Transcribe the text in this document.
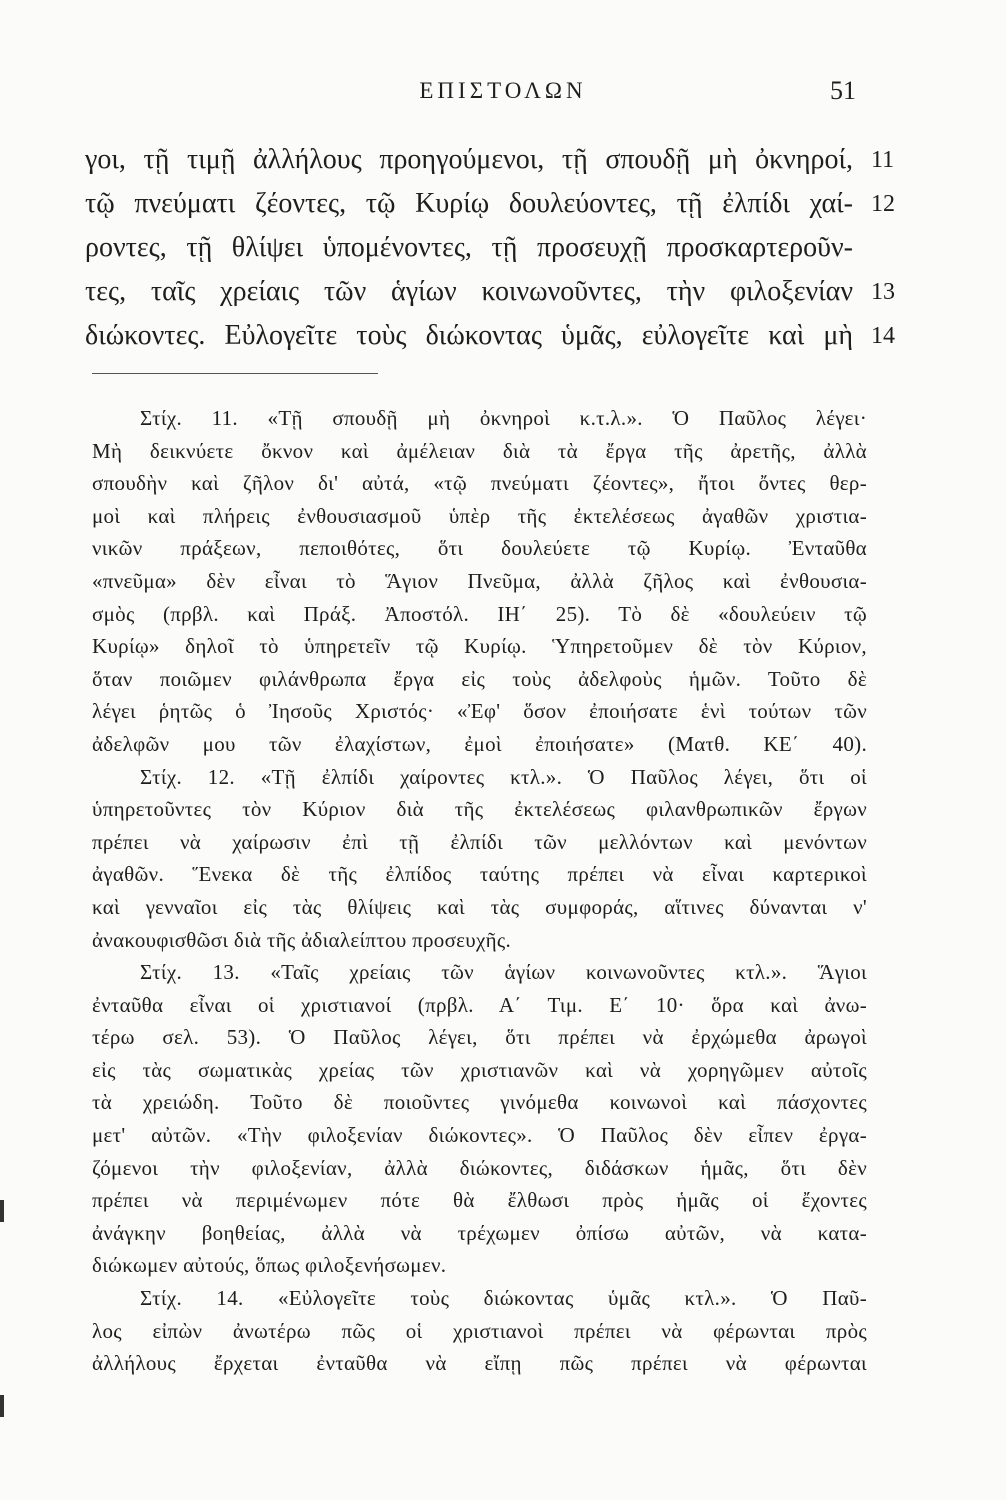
ΕΠΙΣΤΟΛΩΝ	51
γοι, τῇ τιμῇ ἀλλήλους προηγούμενοι, τῇ σπουδῇ μὴ ὀκνηροί, 11
τῷ πνεύματι ζέοντες, τῷ Κυρίῳ δουλεύοντες, τῇ ἐλπίδι χαί- 12
ροντες, τῇ θλίψει ὑπομένοντες, τῇ προσευχῇ προσκαρτεροῦν-
τες, ταῖς χρείαις τῶν ἁγίων κοινωνοῦντες, τὴν φιλοξενίαν 13
διώκοντες. Εὐλογεῖτε τοὺς διώκοντας ὑμᾶς, εὐλογεῖτε καὶ μὴ 14
Στίχ. 11. «Τῇ σπουδῇ μὴ ὀκνηροὶ κ.τ.λ.». Ὁ Παῦλος λέγει·
Μὴ δεικνύετε ὄκνον καὶ ἀμέλειαν διὰ τὰ ἔργα τῆς ἀρετῆς, ἀλλὰ
σπουδὴν καὶ ζῆλον δι' αὐτά, «τῷ πνεύματι ζέοντες», ἤτοι ὄντες θερ-
μοὶ καὶ πλήρεις ἐνθουσιασμοῦ ὑπὲρ τῆς ἐκτελέσεως ἀγαθῶν χριστια-
νικῶν πράξεων, πεποιθότες, ὅτι δουλεύετε τῷ Κυρίῳ. Ἐνταῦθα
«πνεῦμα» δὲν εἶναι τὸ Ἅγιον Πνεῦμα, ἀλλὰ ζῆλος καὶ ἐνθουσια-
σμὸς (πρβλ. καὶ Πράξ. Ἀποστόλ. ΙΗ΄ 25). Τὸ δὲ «δουλεύειν τῷ
Κυρίῳ» δηλοῖ τὸ ὑπηρετεῖν τῷ Κυρίῳ. Ὑπηρετοῦμεν δὲ τὸν Κύριον,
ὅταν ποιῶμεν φιλάνθρωπα ἔργα εἰς τοὺς ἀδελφοὺς ἡμῶν. Τοῦτο δὲ
λέγει ῥητῶς ὁ Ἰησοῦς Χριστός· «Ἐφ' ὅσον ἐποιήσατε ἑνὶ τούτων τῶν
ἀδελφῶν μου τῶν ἐλαχίστων, ἐμοὶ ἐποιήσατε» (Ματθ. ΚΕ΄ 40).
Στίχ. 12. «Τῇ ἐλπίδι χαίροντες κτλ.». Ὁ Παῦλος λέγει, ὅτι οἱ
ὑπηρετοῦντες τὸν Κύριον διὰ τῆς ἐκτελέσεως φιλανθρωπικῶν ἔργων
πρέπει νὰ χαίρωσιν ἐπὶ τῇ ἐλπίδι τῶν μελλόντων καὶ μενόντων
ἀγαθῶν. Ἕνεκα δὲ τῆς ἐλπίδος ταύτης πρέπει νὰ εἶναι καρτερικοὶ
καὶ γενναῖοι εἰς τὰς θλίψεις καὶ τὰς συμφοράς, αἵτινες δύνανται ν'
ἀνακουφισθῶσι διὰ τῆς ἀδιαλείπτου προσευχῆς.
Στίχ. 13. «Ταῖς χρείαις τῶν ἁγίων κοινωνοῦντες κτλ.». Ἅγιοι
ἐνταῦθα εἶναι οἱ χριστιανοί (πρβλ. Α΄ Τιμ. Ε΄ 10· ὅρα καὶ ἀνω-
τέρω σελ. 53). Ὁ Παῦλος λέγει, ὅτι πρέπει νὰ ἐρχώμεθα ἀρωγοὶ
εἰς τὰς σωματικὰς χρείας τῶν χριστιανῶν καὶ νὰ χορηγῶμεν αὐτοῖς
τὰ χρειώδη. Τοῦτο δὲ ποιοῦντες γινόμεθα κοινωνοὶ καὶ πάσχοντες
μετ' αὐτῶν. «Τὴν φιλοξενίαν διώκοντες». Ὁ Παῦλος δὲν εἶπεν ἐργα-
ζόμενοι τὴν φιλοξενίαν, ἀλλὰ διώκοντες, διδάσκων ἡμᾶς, ὅτι δὲν
πρέπει νὰ περιμένωμεν πότε θὰ ἔλθωσι πρὸς ἡμᾶς οἱ ἔχοντες
ἀνάγκην βοηθείας, ἀλλὰ νὰ τρέχωμεν ὀπίσω αὐτῶν, νὰ κατα-
διώκωμεν αὐτούς, ὅπως φιλοξενήσωμεν.
Στίχ. 14. «Εὐλογεῖτε τοὺς διώκοντας ὑμᾶς κτλ.». Ὁ Παῦ-
λος εἰπὼν ἀνωτέρω πῶς οἱ χριστιανοὶ πρέπει νὰ φέρωνται πρὸς
ἀλλήλους ἔρχεται ἐνταῦθα νὰ εἴπῃ πῶς πρέπει νὰ φέρωνται
